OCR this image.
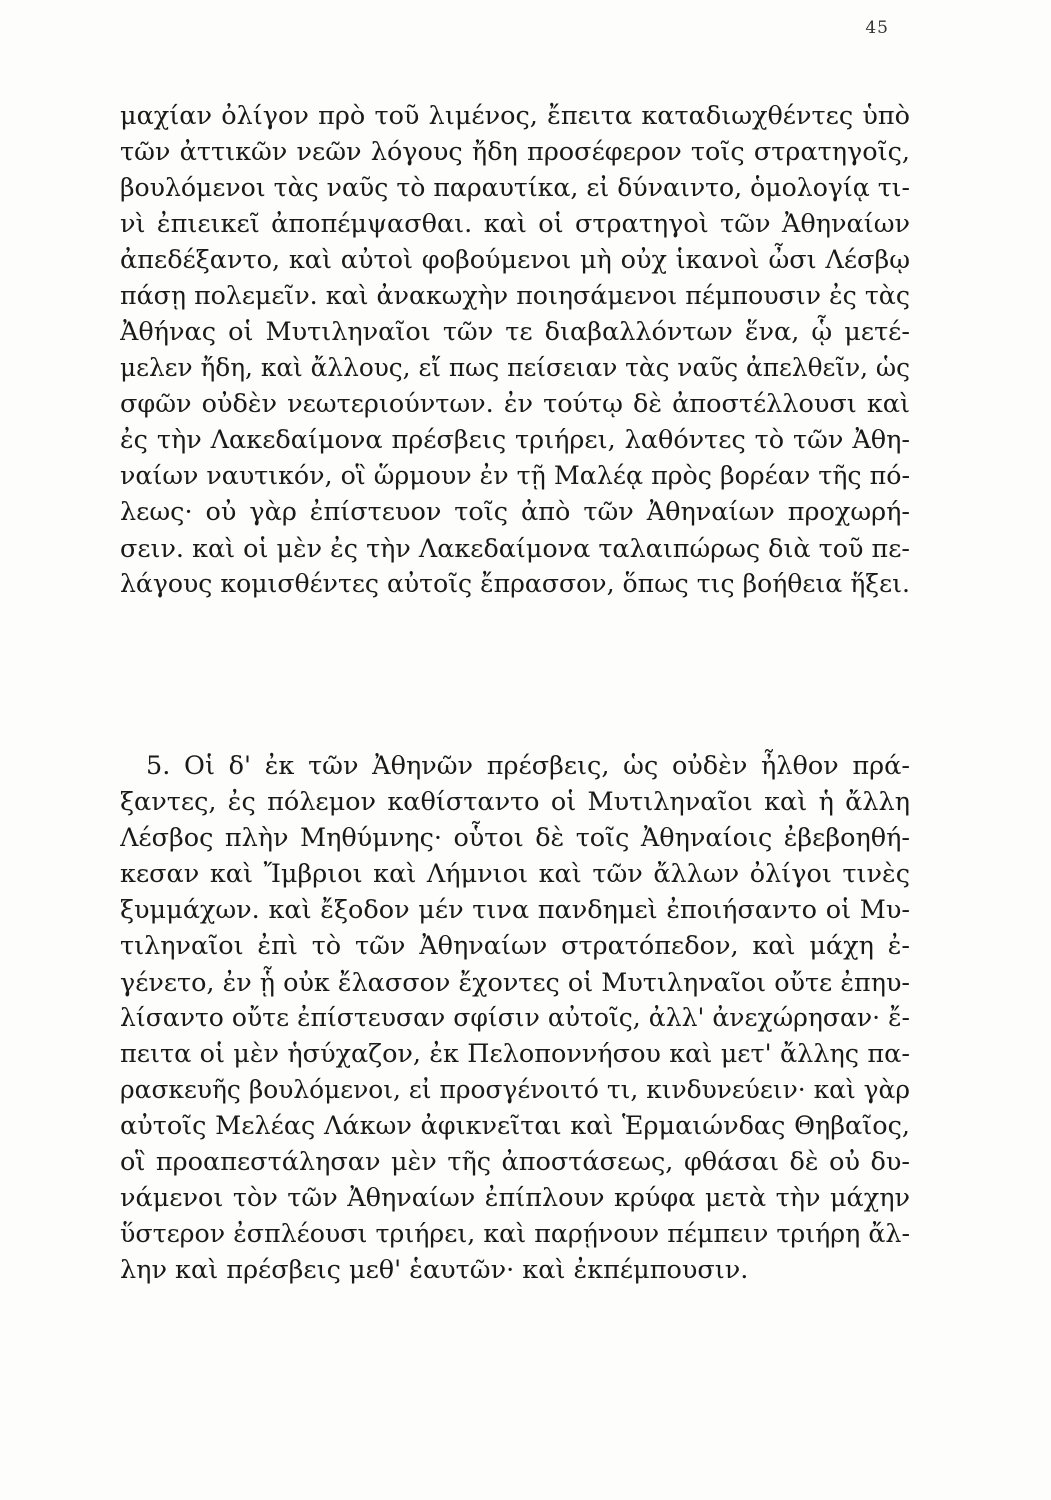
45
μαχίαν ὀλίγον πρὸ τοῦ λιμένος, ἔπειτα καταδιωχθέντες ὑπὸ
τῶν ἀττικῶν νεῶν λόγους ἤδη προσέφερον τοῖς στρατηγοῖς,
βουλόμενοι τὰς ναῦς τὸ παραυτίκα, εἰ δύναιντο, ὁμολογίᾳ τι-
νὶ ἐπιεικεῖ ἀποπέμψασθαι. καὶ οἱ στρατηγοὶ τῶν Ἀθηναίων
ἀπεδέξαντο, καὶ αὐτοὶ φοβούμενοι μὴ οὐχ ἱκανοὶ ὦσι Λέσβῳ
πάσῃ πολεμεῖν. καὶ ἀνακωχὴν ποιησάμενοι πέμπουσιν ἐς τὰς
Ἀθήνας οἱ Μυτιληναῖοι τῶν τε διαβαλλόντων ἕνα, ᾧ μετέ-
μελεν ἤδη, καὶ ἄλλους, εἴ πως πείσειαν τὰς ναῦς ἀπελθεῖν, ὡς
σφῶν οὐδὲν νεωτεριούντων. ἐν τούτῳ δὲ ἀποστέλλουσι καὶ
ἐς τὴν Λακεδαίμονα πρέσβεις τριήρει, λαθόντες τὸ τῶν Ἀθη-
ναίων ναυτικόν, οἳ ὥρμουν ἐν τῇ Μαλέᾳ πρὸς βορέαν τῆς πό-
λεως· οὐ γὰρ ἐπίστευον τοῖς ἀπὸ τῶν Ἀθηναίων προχωρή-
σειν. καὶ οἱ μὲν ἐς τὴν Λακεδαίμονα ταλαιπώρως διὰ τοῦ πε-
λάγους κομισθέντες αὐτοῖς ἔπρασσον, ὅπως τις βοήθεια ἥξει.
5. Οἱ δ' ἐκ τῶν Ἀθηνῶν πρέσβεις, ὡς οὐδὲν ἦλθον πρά-
ξαντες, ἐς πόλεμον καθίσταντο οἱ Μυτιληναῖοι καὶ ἡ ἄλλη
Λέσβος πλὴν Μηθύμνης· οὗτοι δὲ τοῖς Ἀθηναίοις ἐβεβοηθή-
κεσαν καὶ Ἴμβριοι καὶ Λήμνιοι καὶ τῶν ἄλλων ὀλίγοι τινὲς
ξυμμάχων. καὶ ἔξοδον μέν τινα πανδημεὶ ἐποιήσαντο οἱ Μυ-
τιληναῖοι ἐπὶ τὸ τῶν Ἀθηναίων στρατόπεδον, καὶ μάχη ἐ-
γένετο, ἐν ᾗ οὐκ ἔλασσον ἔχοντες οἱ Μυτιληναῖοι οὔτε ἐπηυ-
λίσαντο οὔτε ἐπίστευσαν σφίσιν αὐτοῖς, ἀλλ' ἀνεχώρησαν· ἔ-
πειτα οἱ μὲν ἡσύχαζον, ἐκ Πελοποννήσου καὶ μετ' ἄλλης πα-
ρασκευῆς βουλόμενοι, εἰ προσγένοιτό τι, κινδυνεύειν· καὶ γὰρ
αὐτοῖς Μελέας Λάκων ἀφικνεῖται καὶ Ἑρμαιώνδας Θηβαῖος,
οἳ προαπεστάλησαν μὲν τῆς ἀποστάσεως, φθάσαι δὲ οὐ δυ-
νάμενοι τὸν τῶν Ἀθηναίων ἐπίπλουν κρύφα μετὰ τὴν μάχην
ὕστερον ἐσπλέουσι τριήρει, καὶ παρῄνουν πέμπειν τριήρη ἄλ-
λην καὶ πρέσβεις μεθ' ἑαυτῶν· καὶ ἐκπέμπουσιν.
